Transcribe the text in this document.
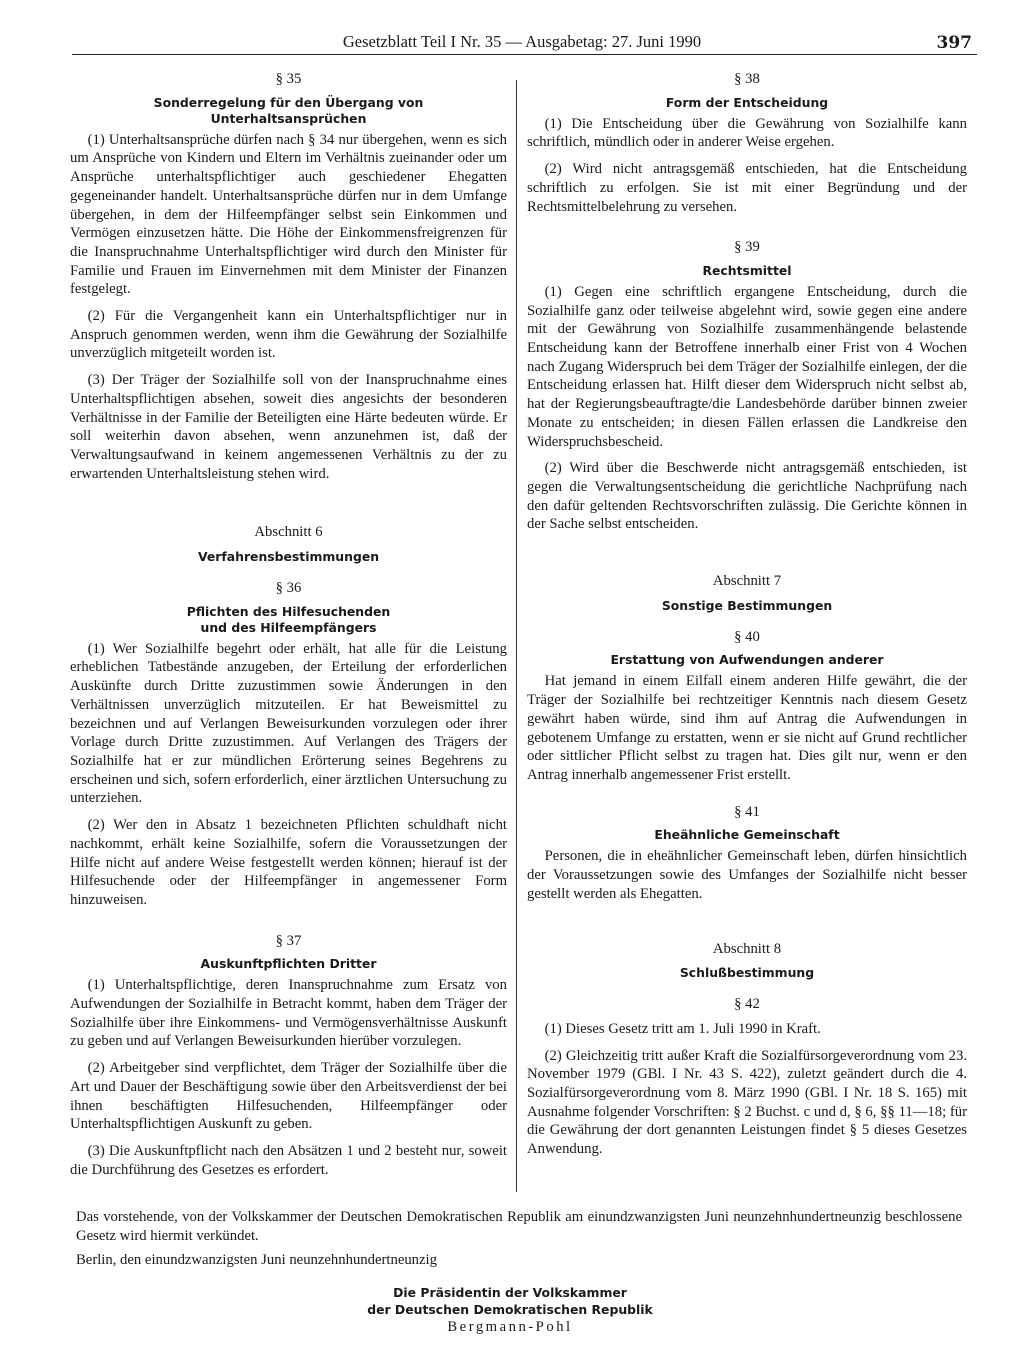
Gesetzblatt Teil I Nr. 35 — Ausgabetag: 27. Juni 1990	397
§ 35
Sonderregelung für den Übergang von
Unterhaltsansprüchen

(1) Unterhaltsansprüche dürfen nach § 34 nur übergehen, wenn es sich um Ansprüche von Kindern und Eltern im Verhältnis zueinander oder um Ansprüche unterhaltspflichtiger auch geschiedener Ehegatten gegeneinander handelt. Unterhaltsansprüche dürfen nur in dem Umfange übergehen, in dem der Hilfeempfänger selbst sein Einkommen und Vermögen einzusetzen hätte. Die Höhe der Einkommensfreigrenzen für die Inanspruchnahme Unterhaltspflichtiger wird durch den Minister für Familie und Frauen im Einvernehmen mit dem Minister der Finanzen festgelegt.

(2) Für die Vergangenheit kann ein Unterhaltspflichtiger nur in Anspruch genommen werden, wenn ihm die Gewährung der Sozialhilfe unverzüglich mitgeteilt worden ist.

(3) Der Träger der Sozialhilfe soll von der Inanspruchnahme eines Unterhaltspflichtigen absehen, soweit dies angesichts der besonderen Verhältnisse in der Familie der Beteiligten eine Härte bedeuten würde. Er soll weiterhin davon absehen, wenn anzunehmen ist, daß der Verwaltungsaufwand in keinem angemessenen Verhältnis zu der zu erwartenden Unterhaltsleistung stehen wird.

Abschnitt 6
Verfahrensbestimmungen
§ 36
Pflichten des Hilfesuchenden
und des Hilfeempfängers

(1) Wer Sozialhilfe begehrt oder erhält, hat alle für die Leistung erheblichen Tatbestände anzugeben, der Erteilung der erforderlichen Auskünfte durch Dritte zuzustimmen sowie Änderungen in den Verhältnissen unverzüglich mitzuteilen. Er hat Beweismittel zu bezeichnen und auf Verlangen Beweisurkunden vorzulegen oder ihrer Vorlage durch Dritte zuzustimmen. Auf Verlangen des Trägers der Sozialhilfe hat er zur mündlichen Erörterung seines Begehrens zu erscheinen und sich, sofern erforderlich, einer ärztlichen Untersuchung zu unterziehen.

(2) Wer den in Absatz 1 bezeichneten Pflichten schuldhaft nicht nachkommt, erhält keine Sozialhilfe, sofern die Voraussetzungen der Hilfe nicht auf andere Weise festgestellt werden können; hierauf ist der Hilfesuchende oder der Hilfeempfänger in angemessener Form hinzuweisen.

§ 37
Auskunftpflichten Dritter

(1) Unterhaltspflichtige, deren Inanspruchnahme zum Ersatz von Aufwendungen der Sozialhilfe in Betracht kommt, haben dem Träger der Sozialhilfe über ihre Einkommens- und Vermögensverhältnisse Auskunft zu geben und auf Verlangen Beweisurkunden hierüber vorzulegen.

(2) Arbeitgeber sind verpflichtet, dem Träger der Sozialhilfe über die Art und Dauer der Beschäftigung sowie über den Arbeitsverdienst der bei ihnen beschäftigten Hilfesuchenden, Hilfeempfänger oder Unterhaltspflichtigen Auskunft zu geben.

(3) Die Auskunftpflicht nach den Absätzen 1 und 2 besteht nur, soweit die Durchführung des Gesetzes es erfordert.

§ 38
Form der Entscheidung

(1) Die Entscheidung über die Gewährung von Sozialhilfe kann schriftlich, mündlich oder in anderer Weise ergehen.

(2) Wird nicht antragsgemäß entschieden, hat die Entscheidung schriftlich zu erfolgen. Sie ist mit einer Begründung und der Rechtsmittelbelehrung zu versehen.

§ 39
Rechtsmittel

(1) Gegen eine schriftlich ergangene Entscheidung, durch die Sozialhilfe ganz oder teilweise abgelehnt wird, sowie gegen eine andere mit der Gewährung von Sozialhilfe zusammenhängende belastende Entscheidung kann der Betroffene innerhalb einer Frist von 4 Wochen nach Zugang Widerspruch bei dem Träger der Sozialhilfe einlegen, der die Entscheidung erlassen hat. Hilft dieser dem Widerspruch nicht selbst ab, hat der Regierungsbeauftragte/die Landesbehörde darüber binnen zweier Monate zu entscheiden; in diesen Fällen erlassen die Landkreise den Widerspruchsbescheid.

(2) Wird über die Beschwerde nicht antragsgemäß entschieden, ist gegen die Verwaltungsentscheidung die gerichtliche Nachprüfung nach den dafür geltenden Rechtsvorschriften zulässig. Die Gerichte können in der Sache selbst entscheiden.

Abschnitt 7
Sonstige Bestimmungen
§ 40
Erstattung von Aufwendungen anderer

Hat jemand in einem Eilfall einem anderen Hilfe gewährt, die der Träger der Sozialhilfe bei rechtzeitiger Kenntnis nach diesem Gesetz gewährt haben würde, sind ihm auf Antrag die Aufwendungen in gebotenem Umfange zu erstatten, wenn er sie nicht auf Grund rechtlicher oder sittlicher Pflicht selbst zu tragen hat. Dies gilt nur, wenn er den Antrag innerhalb angemessener Frist erstellt.

§ 41
Eheähnliche Gemeinschaft

Personen, die in eheähnlicher Gemeinschaft leben, dürfen hinsichtlich der Voraussetzungen sowie des Umfanges der Sozialhilfe nicht besser gestellt werden als Ehegatten.

Abschnitt 8
Schlußbestimmung
§ 42

(1) Dieses Gesetz tritt am 1. Juli 1990 in Kraft.

(2) Gleichzeitig tritt außer Kraft die Sozialfürsorgeverordnung vom 23. November 1979 (GBl. I Nr. 43 S. 422), zuletzt geändert durch die 4. Sozialfürsorgeverordnung vom 8. März 1990 (GBl. I Nr. 18 S. 165) mit Ausnahme folgender Vorschriften: § 2 Buchst. c und d, § 6, §§ 11—18; für die Gewährung der dort genannten Leistungen findet § 5 dieses Gesetzes Anwendung.

Das vorstehende, von der Volkskammer der Deutschen Demokratischen Republik am einundzwanzigsten Juni neunzehnhundertneunzig beschlossene Gesetz wird hiermit verkündet.

Berlin, den einundzwanzigsten Juni neunzehnhundertneunzig

Die Präsidentin der Volkskammer
der Deutschen Demokratischen Republik
Bergmann-Pohl
